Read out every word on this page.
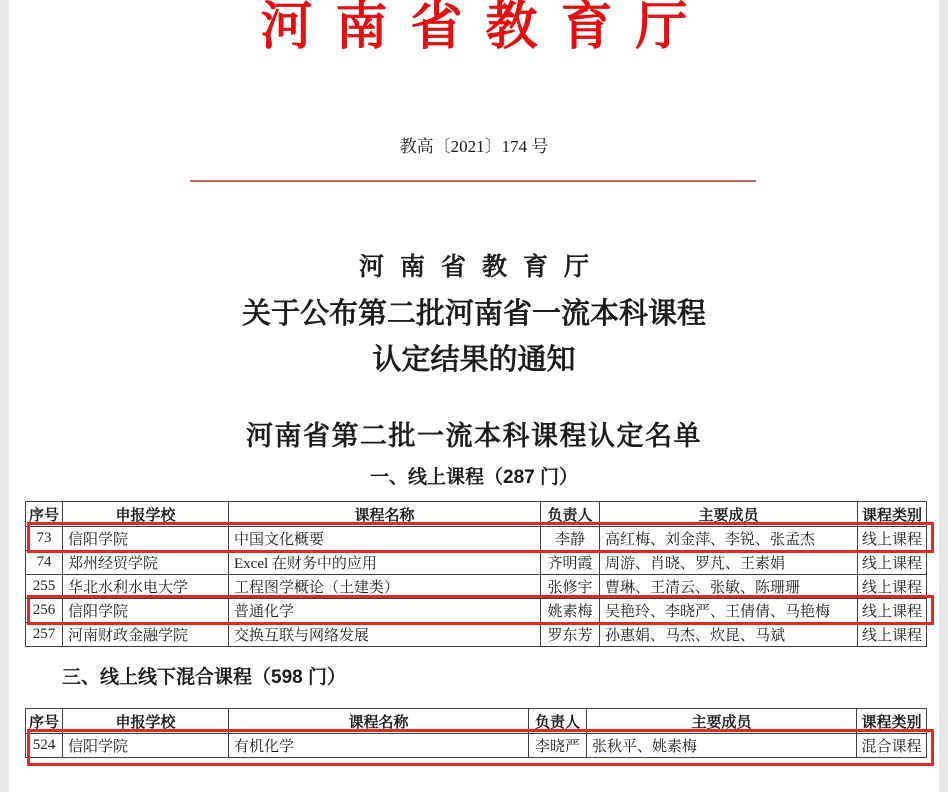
河南省教育厅
教高〔2021〕174 号
河南省教育厅
关于公布第二批河南省一流本科课程
认定结果的通知
河南省第二批一流本科课程认定名单
一、线上课程（287 门）
序号	申报学校	课程名称	负责人	主要成员	课程类别
73	信阳学院	中国文化概要	李静	高红梅、刘金萍、李锐、张孟杰	线上课程
74	郑州经贸学院	Excel 在财务中的应用	齐明霞	周游、肖晓、罗芃、王素娟	线上课程
255	华北水利水电大学	工程图学概论（土建类）	张修宇	曹琳、王清云、张敏、陈珊珊	线上课程
256	信阳学院	普通化学	姚素梅	吴艳玲、李晓严、王倩倩、马艳梅	线上课程
257	河南财政金融学院	交换互联与网络发展	罗东芳	孙惠娟、马杰、炊昆、马斌	线上课程
三、线上线下混合课程（598 门）
序号	申报学校	课程名称	负责人	主要成员	课程类别
524	信阳学院	有机化学	李晓严	张秋平、姚素梅	混合课程
